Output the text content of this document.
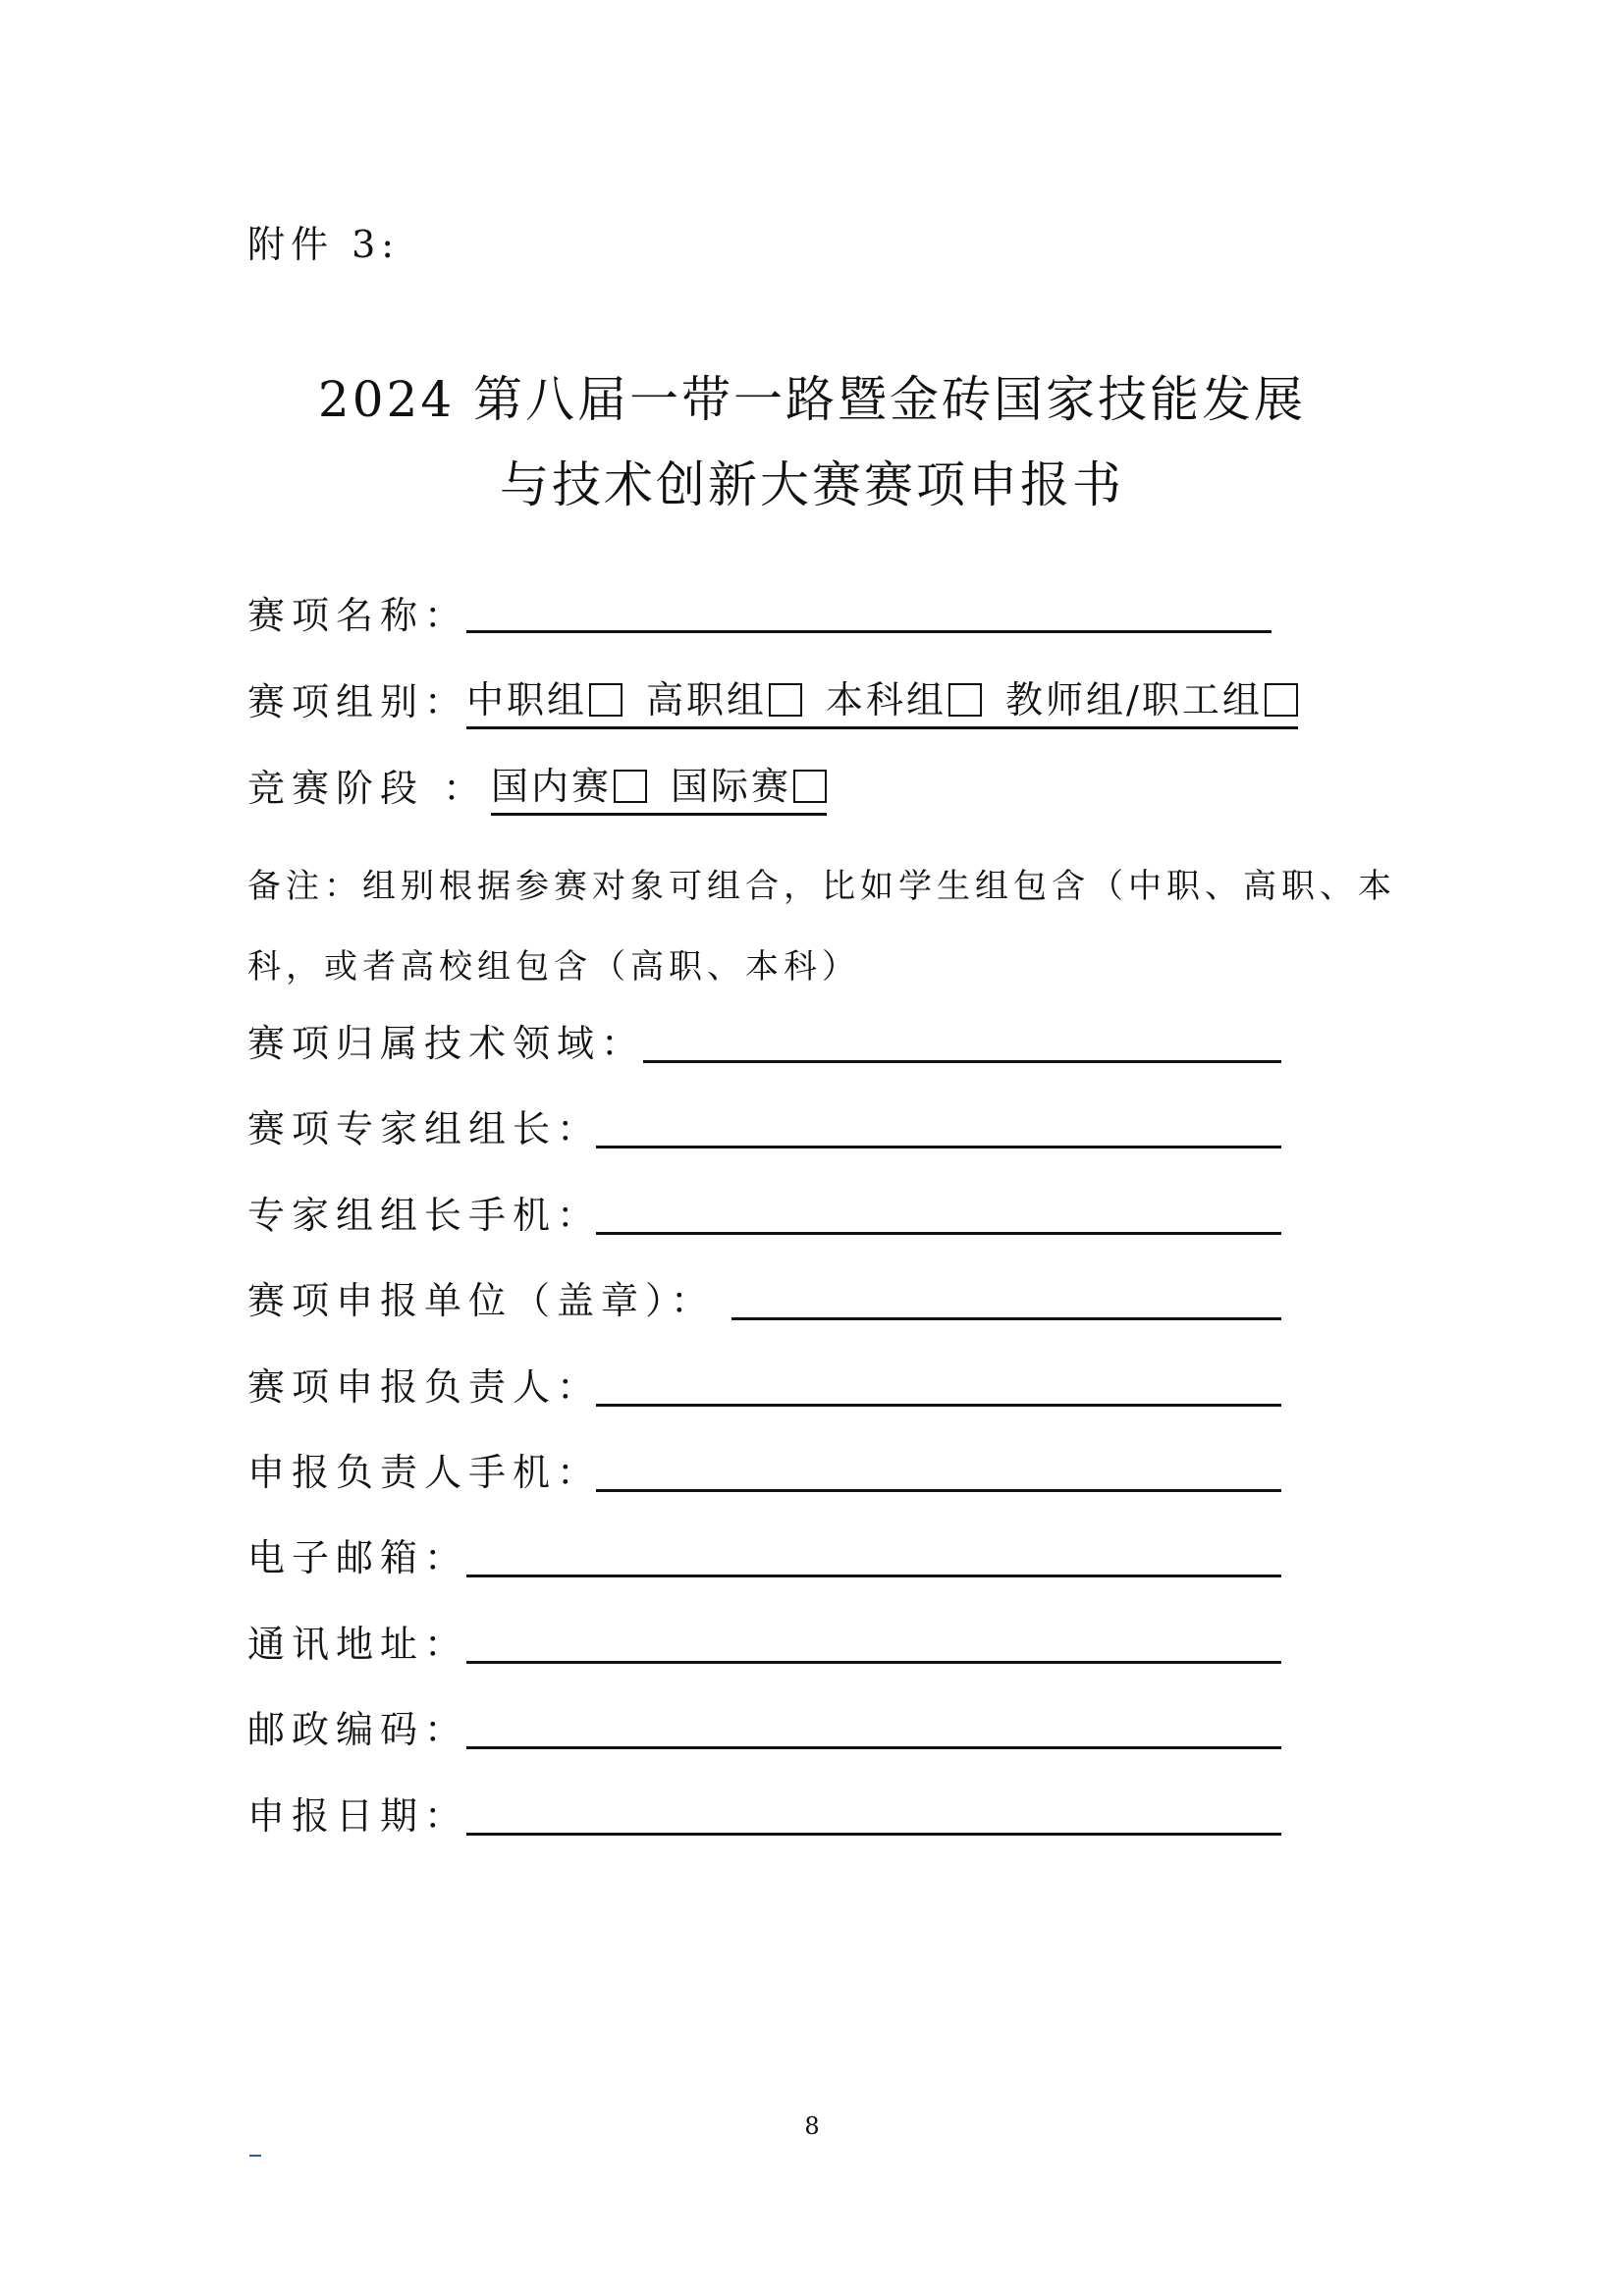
附件 3:
2024 第八届一带一路暨金砖国家技能发展
与技术创新大赛赛项申报书
赛项名称：
赛项组别：
中职组 高职组 本科组 教师组/职工组
竞赛阶段 ： 国内赛 国际赛
备注：组别根据参赛对象可组合，比如学生组包含（中职、高职、本
科，或者高校组包含（高职、本科）
赛项归属技术领域：
赛项专家组组长：
专家组组长手机：
赛项申报单位（盖章）：
赛项申报负责人：
申报负责人手机：
电子邮箱：
通讯地址：
邮政编码：
申报日期：
8
